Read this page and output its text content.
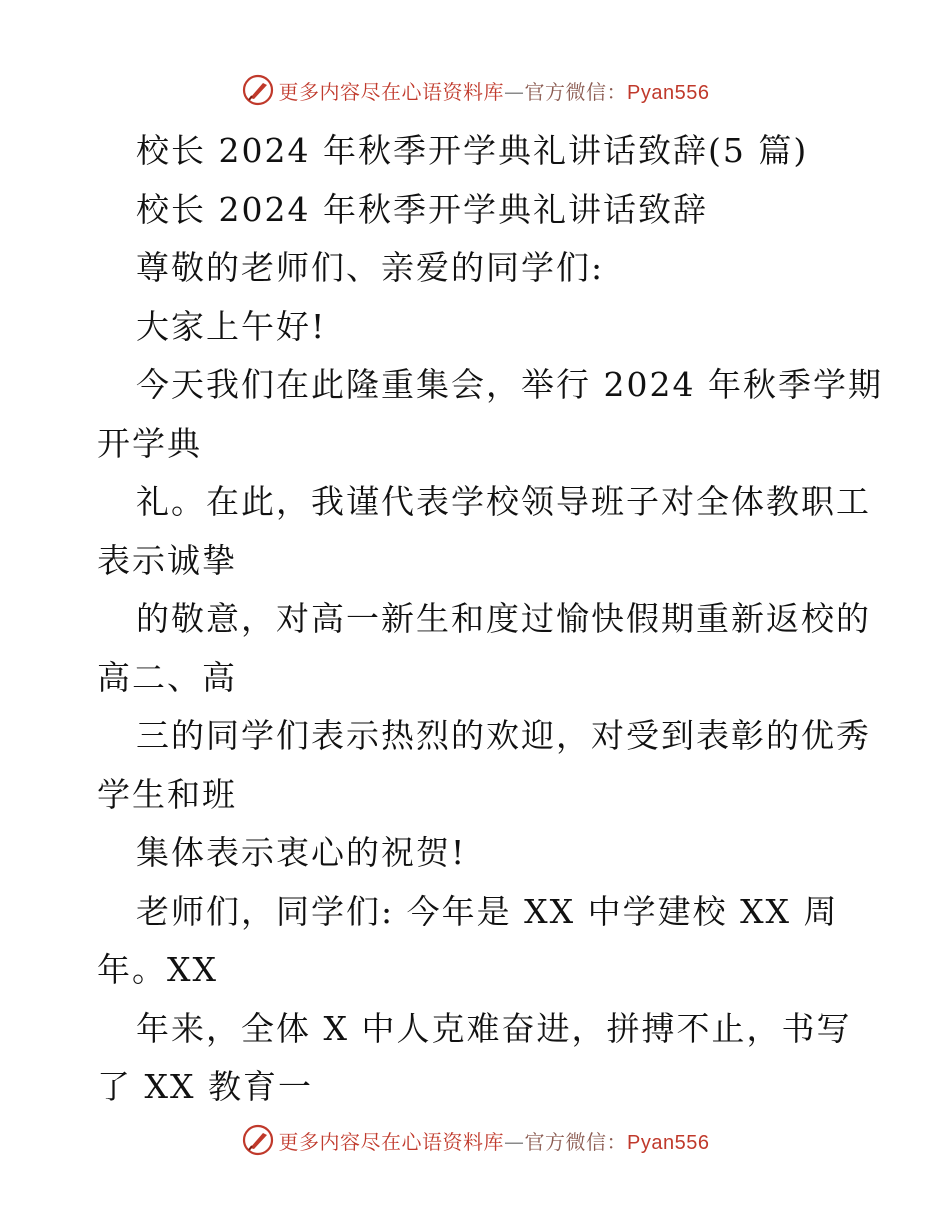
更多内容尽在心语资料库—官方微信：Pyan556
校长 2024 年秋季开学典礼讲话致辞(5 篇)
校长 2024 年秋季开学典礼讲话致辞
尊敬的老师们、亲爱的同学们:
大家上午好!
今天我们在此隆重集会，举行 2024 年秋季学期
开学典
礼。在此，我谨代表学校领导班子对全体教职工
表示诚挚
的敬意，对高一新生和度过愉快假期重新返校的
高二、高
三的同学们表示热烈的欢迎，对受到表彰的优秀
学生和班
集体表示衷心的祝贺!
老师们，同学们: 今年是 XX 中学建校 XX 周
年。XX
年来，全体 X 中人克难奋进，拼搏不止，书写
了 XX 教育一
更多内容尽在心语资料库—官方微信：Pyan556
